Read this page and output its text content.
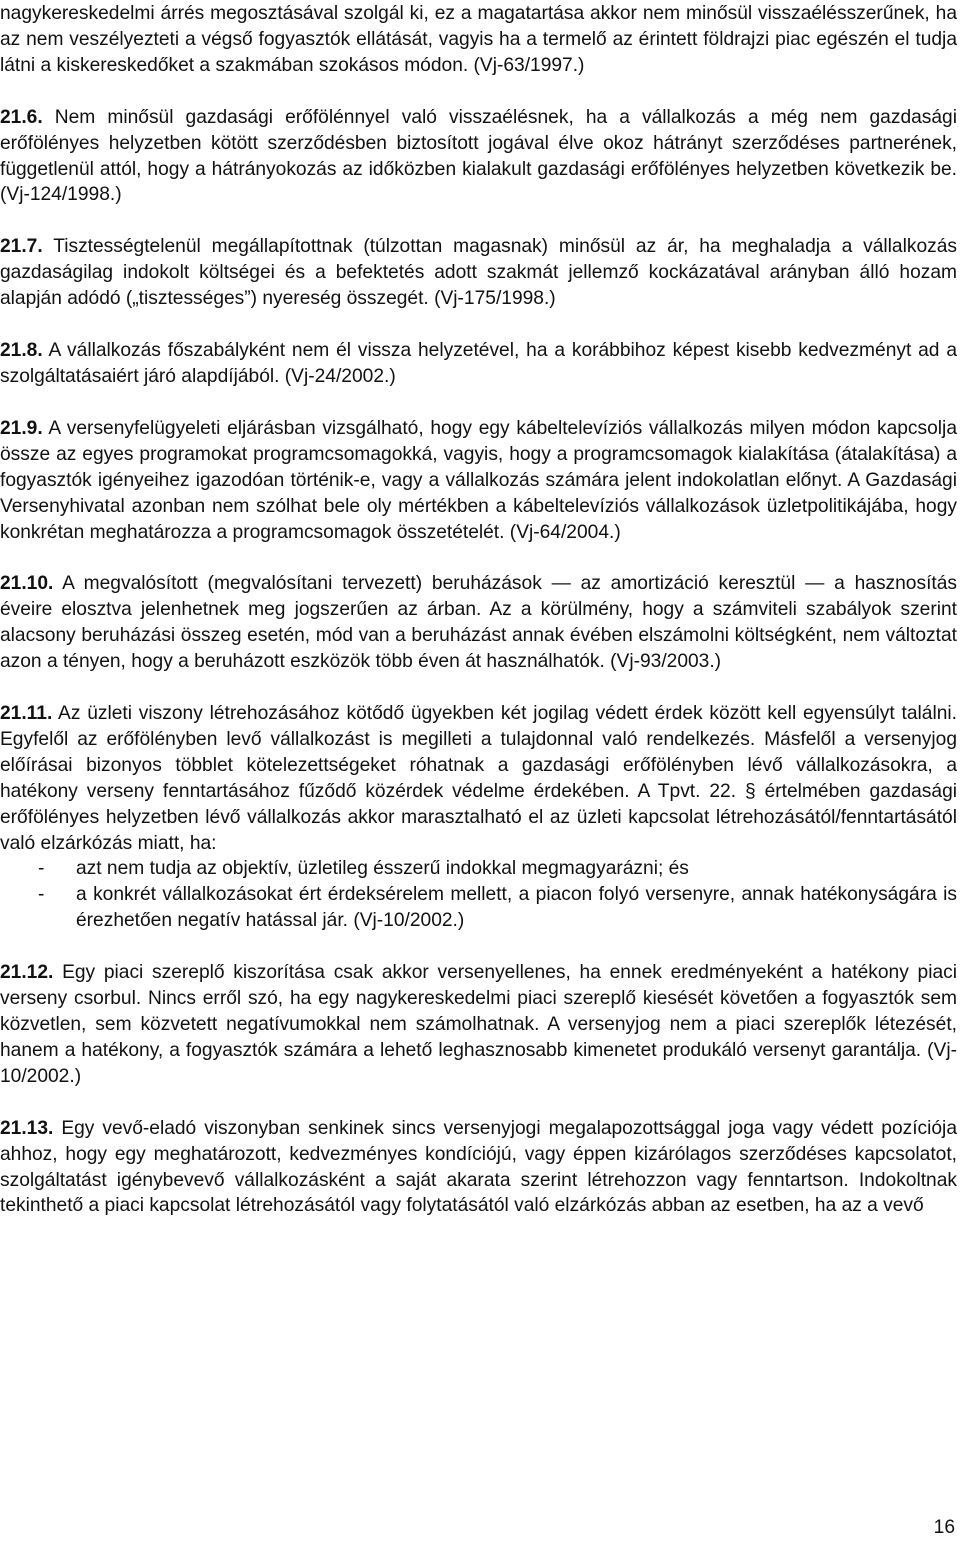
nagykereskedelmi árrés megosztásával szolgál ki, ez a magatartása akkor nem minősül visszaélésszerűnek, ha az nem veszélyezteti a végső fogyasztók ellátását, vagyis ha a termelő az érintett földrajzi piac egészén el tudja látni a kiskereskedőket a szakmában szokásos módon. (Vj-63/1997.)

21.6. Nem minősül gazdasági erőfölénnyel való visszaélésnek, ha a vállalkozás a még nem gazdasági erőfölényes helyzetben kötött szerződésben biztosított jogával élve okoz hátrányt szerződéses partnerének, függetlenül attól, hogy a hátrányokozás az időközben kialakult gazdasági erőfölényes helyzetben következik be. (Vj-124/1998.)

21.7. Tisztességtelenül megállapítottnak (túlzottan magasnak) minősül az ár, ha meghaladja a vállalkozás gazdaságilag indokolt költségei és a befektetés adott szakmát jellemző kockázatával arányban álló hozam alapján adódó („tisztességes”) nyereség összegét. (Vj-175/1998.)

21.8. A vállalkozás főszabályként nem él vissza helyzetével, ha a korábbihoz képest kisebb kedvezményt ad a szolgáltatásaiért járó alapdíjából. (Vj-24/2002.)

21.9. A versenyfelügyeleti eljárásban vizsgálható, hogy egy kábeltelevíziós vállalkozás milyen módon kapcsolja össze az egyes programokat programcsomagokká, vagyis, hogy a programcsomagok kialakítása (átalakítása) a fogyasztók igényeihez igazodóan történik-e, vagy a vállalkozás számára jelent indokolatlan előnyt. A Gazdasági Versenyhivatal azonban nem szólhat bele oly mértékben a kábeltelevíziós vállalkozások üzletpolitikájába, hogy konkrétan meghatározza a programcsomagok összetételét. (Vj-64/2004.)

21.10. A megvalósított (megvalósítani tervezett) beruházások — az amortizáció keresztül — a hasznosítás éveire elosztva jelenhetnek meg jogszerűen az árban. Az a körülmény, hogy a számviteli szabályok szerint alacsony beruházási összeg esetén, mód van a beruházást annak évében elszámolni költségként, nem változtat azon a tényen, hogy a beruházott eszközök több éven át használhatók. (Vj-93/2003.)

21.11. Az üzleti viszony létrehozásához kötődő ügyekben két jogilag védett érdek között kell egyensúlyt találni. Egyfelől az erőfölényben levő vállalkozást is megilleti a tulajdonnal való rendelkezés. Másfelől a versenyjog előírásai bizonyos többlet kötelezettségeket róhatnak a gazdasági erőfölényben lévő vállalkozásokra, a hatékony verseny fenntartásához fűződő közérdek védelme érdekében. A Tpvt. 22. § értelmében gazdasági erőfölényes helyzetben lévő vállalkozás akkor marasztalható el az üzleti kapcsolat létrehozásától/fenntartásától való elzárkózás miatt, ha:

- azt nem tudja az objektív, üzletileg ésszerű indokkal megmagyarázni; és
- a konkrét vállalkozásokat ért érdeksérelem mellett, a piacon folyó versenyre, annak hatékonyságára is érezhetően negatív hatással jár. (Vj-10/2002.)

21.12. Egy piaci szereplő kiszorítása csak akkor versenyellenes, ha ennek eredményeként a hatékony piaci verseny csorbul. Nincs erről szó, ha egy nagykereskedelmi piaci szereplő kiesését követően a fogyasztók sem közvetlen, sem közvetett negatívumokkal nem számolhatnak. A versenyjog nem a piaci szereplők létezését, hanem a hatékony, a fogyasztók számára a lehető leghasznosabb kimenetet produkáló versenyt garantálja. (Vj-10/2002.)

21.13. Egy vevő-eladó viszonyban senkinek sincs versenyjogi megalapozottsággal joga vagy védett pozíciója ahhoz, hogy egy meghatározott, kedvezményes kondíciójú, vagy éppen kizárólagos szerződéses kapcsolatot, szolgáltatást igénybevevő vállalkozásként a saját akarata szerint létrehozzon vagy fenntartson. Indokoltnak tekinthető a piaci kapcsolat létrehozásától vagy folytatásától való elzárkózás abban az esetben, ha az a vevő

16
